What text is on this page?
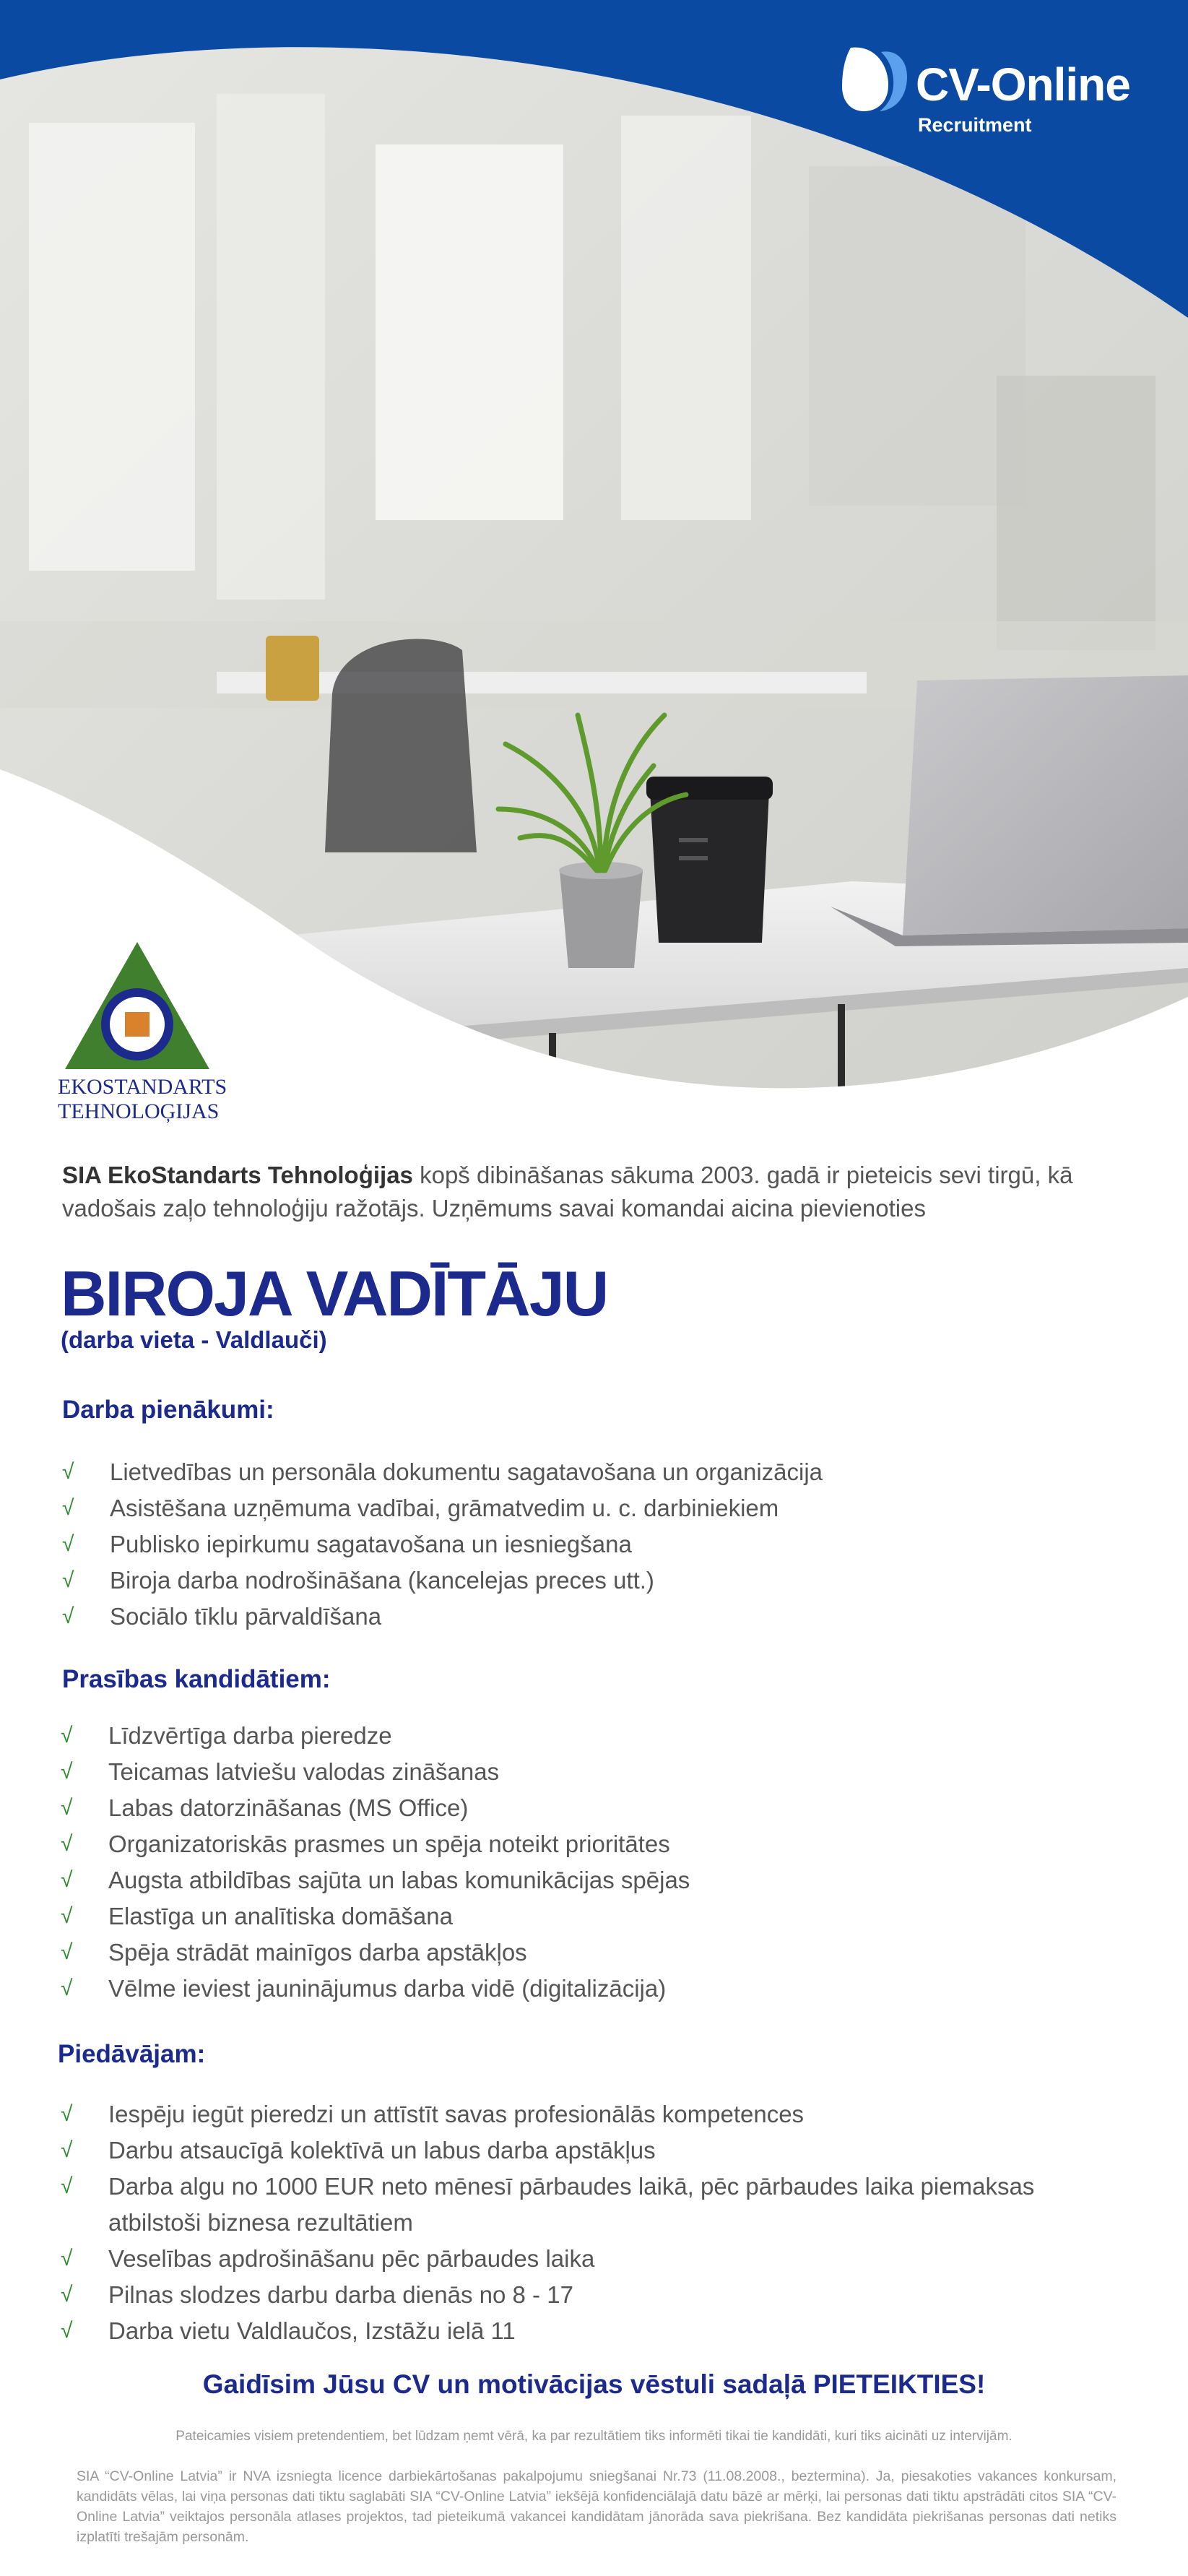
CV-Online
Recruitment
EKOSTANDARTS
TEHNOLOĢIJAS

SIA EkoStandarts Tehnoloģijas kopš dibināšanas sākuma 2003. gadā ir pieteicis sevi tirgū, kā vadošais zaļo tehnoloģiju ražotājs. Uzņēmums savai komandai aicina pievienoties

BIROJA VADĪTĀJU
(darba vieta - Valdlauči)
Darba pienākumi:
√	Lietvedības un personāla dokumentu sagatavošana un organizācija
√	Asistēšana uzņēmuma vadībai, grāmatvedim u. c. darbiniekiem
√	Publisko iepirkumu sagatavošana un iesniegšana
√	Biroja darba nodrošināšana (kancelejas preces utt.)
√	Sociālo tīklu pārvaldīšana
Prasības kandidātiem:
√	Līdzvērtīga darba pieredze
√	Teicamas latviešu valodas zināšanas
√	Labas datorzināšanas (MS Office)
√	Organizatoriskās prasmes un spēja noteikt prioritātes
√	Augsta atbildības sajūta un labas komunikācijas spējas
√	Elastīga un analītiska domāšana
√	Spēja strādāt mainīgos darba apstākļos
√	Vēlme ieviest jauninājumus darba vidē (digitalizācija)
Piedāvājam:
√	Iespēju iegūt pieredzi un attīstīt savas profesionālās kompetences
√	Darbu atsaucīgā kolektīvā un labus darba apstākļus
√	Darba algu no 1000 EUR neto mēnesī pārbaudes laikā, pēc pārbaudes laika piemaksas atbilstoši biznesa rezultātiem
√	Veselības apdrošināšanu pēc pārbaudes laika
√	Pilnas slodzes darbu darba dienās no 8 - 17
√	Darba vietu Valdlaučos, Izstāžu ielā 11
Gaidīsim Jūsu CV un motivācijas vēstuli sadaļā PIETEIKTIES!
Pateicamies visiem pretendentiem, bet lūdzam ņemt vērā, ka par rezultātiem tiks informēti tikai tie kandidāti, kuri tiks aicināti uz intervijām.

SIA “CV-Online Latvia” ir NVA izsniegta licence darbiekārtošanas pakalpojumu sniegšanai Nr.73 (11.08.2008., bezterminа). Ja, piesakoties vakances konkursam, kandidāts vēlas, lai viņa personas dati tiktu saglabāti SIA “CV-Online Latvia” iekšējā konfidenciālajā datu bāzē ar mērķi, lai personas dati tiktu apstrādāti citos SIA “CV-Online Latvia” veiktajos personāla atlases projektos, tad pieteikumā vakancei kandidātam jānorāda sava piekrišana. Bez kandidāta piekrišanas personas dati netiks izplatīti trešajām personām.
